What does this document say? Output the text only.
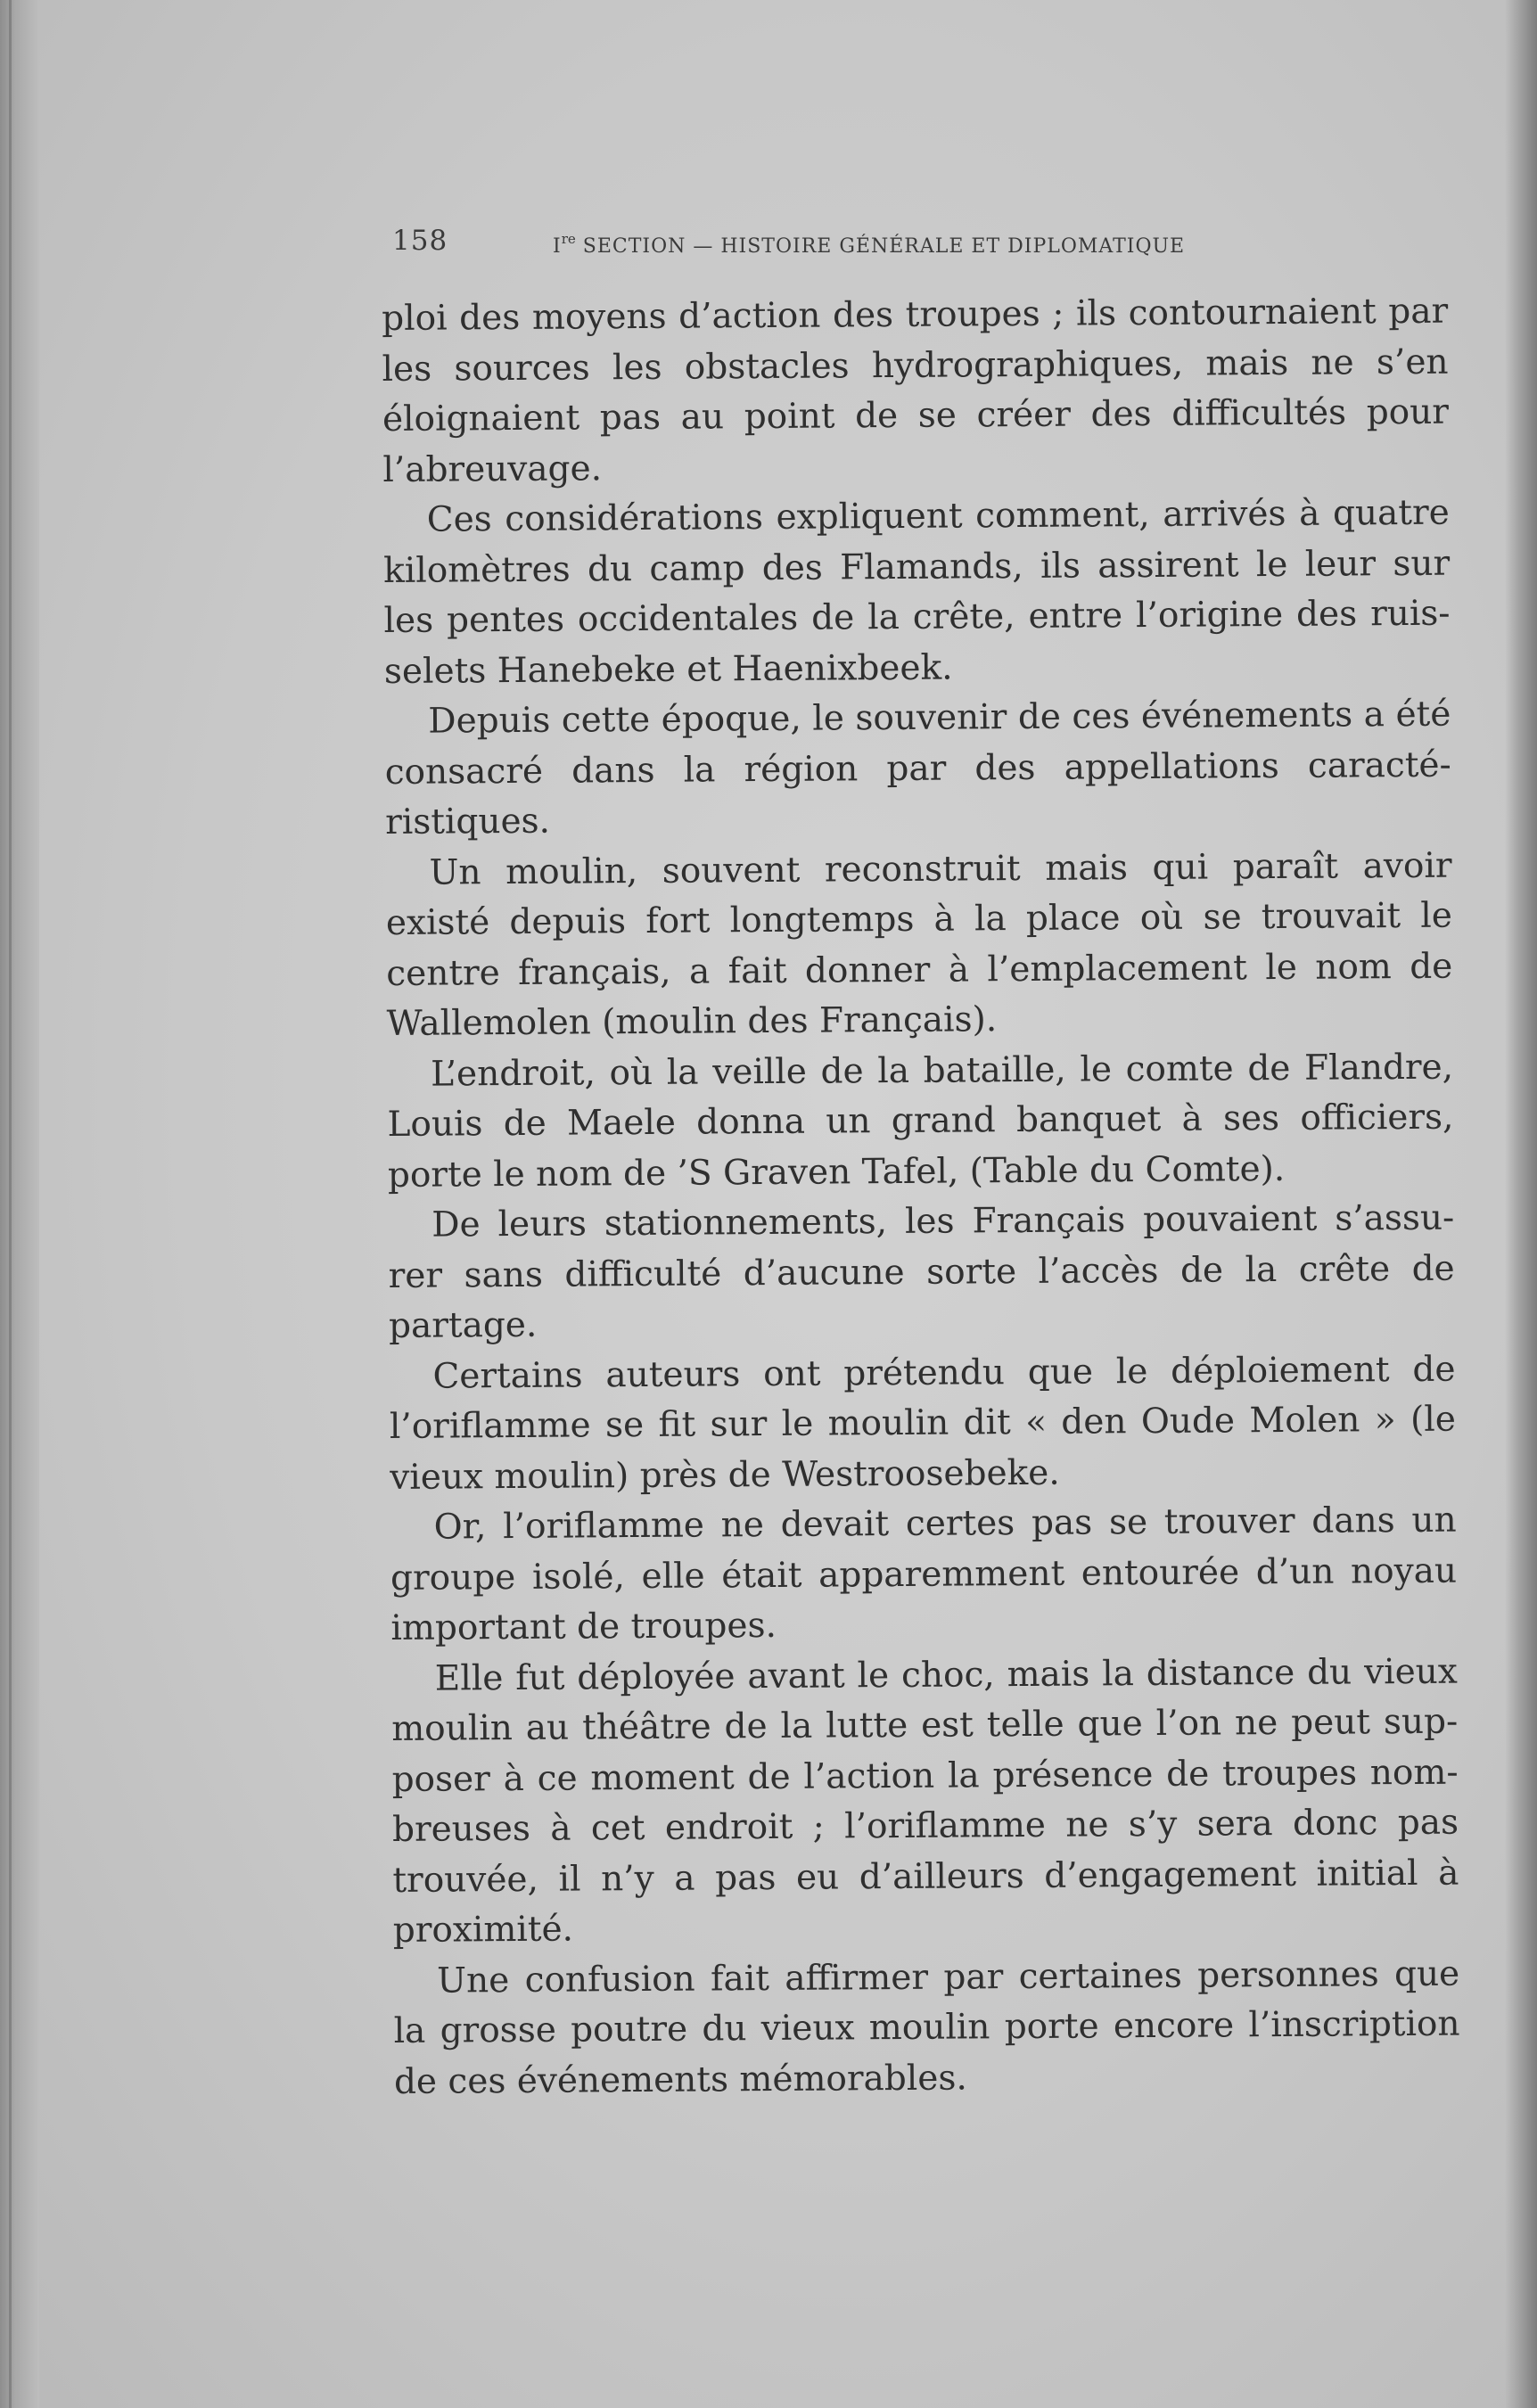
158	Ire SECTION — HISTOIRE GÉNÉRALE ET DIPLOMATIQUE

ploi des moyens d’action des troupes ; ils contournaient par les sources les obstacles hydrographiques, mais ne s’en éloignaient pas au point de se créer des difficultés pour l’abreuvage.

Ces considérations expliquent comment, arrivés à quatre kilomètres du camp des Flamands, ils assirent le leur sur les pentes occidentales de la crête, entre l’origine des ruis-selets Hanebeke et Haenixbeek.

Depuis cette époque, le souvenir de ces événements a été consacré dans la région par des appellations caracté-ristiques.

Un moulin, souvent reconstruit mais qui paraît avoir existé depuis fort longtemps à la place où se trouvait le centre français, a fait donner à l’emplacement le nom de Wallemolen (moulin des Français).

L’endroit, où la veille de la bataille, le comte de Flandre, Louis de Maele donna un grand banquet à ses officiers, porte le nom de ’S Graven Tafel, (Table du Comte).

De leurs stationnements, les Français pouvaient s’assu-rer sans difficulté d’aucune sorte l’accès de la crête de partage.

Certains auteurs ont prétendu que le déploiement de l’oriflamme se fit sur le moulin dit « den Oude Molen » (le vieux moulin) près de Westroosebeke.

Or, l’oriflamme ne devait certes pas se trouver dans un groupe isolé, elle était apparemment entourée d’un noyau important de troupes.

Elle fut déployée avant le choc, mais la distance du vieux moulin au théâtre de la lutte est telle que l’on ne peut sup-poser à ce moment de l’action la présence de troupes nom-breuses à cet endroit ; l’oriflamme ne s’y sera donc pas trouvée, il n’y a pas eu d’ailleurs d’engagement initial à proximité.

Une confusion fait affirmer par certaines personnes que la grosse poutre du vieux moulin porte encore l’inscription de ces événements mémorables.
